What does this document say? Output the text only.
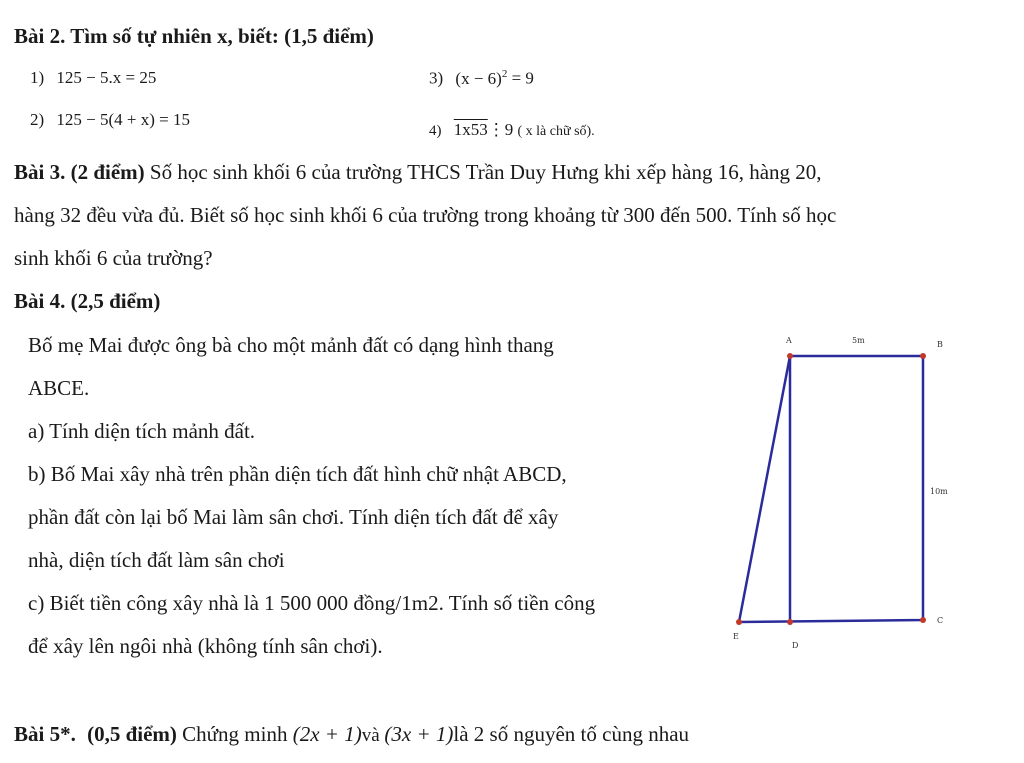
Bài 2. Tìm số tự nhiên x, biết: (1,5 điểm)
1) 125 − 5.x = 25
2) 125 − 5(4 + x) = 15
3) $(x - 6)^2 = 9$
4) 1x53⋮9 ( x là chữ số).
Bài 3. (2 điểm) Số học sinh khối 6 của trường THCS Trần Duy Hưng khi xếp hàng 16, hàng 20,
hàng 32 đều vừa đủ. Biết số học sinh khối 6 của trường trong khoảng từ 300 đến 500. Tính số học
sinh khối 6 của trường?
Bài 4. (2,5 điểm)
Bố mẹ Mai được ông bà cho một mảnh đất có dạng hình thang
ABCE.
a) Tính diện tích mảnh đất.
b) Bố Mai xây nhà trên phần diện tích đất hình chữ nhật ABCD,
phần đất còn lại bố Mai làm sân chơi. Tính diện tích đất để xây
nhà, diện tích đất làm sân chơi
c) Biết tiền công xây nhà là 1 500 000 đồng/1m2. Tính số tiền công
để xây lên ngôi nhà (không tính sân chơi).
A	B
5m
10m
C
D
E
Bài 5*. (0,5 điểm) Chứng minh (2x + 1)và (3x + 1)là 2 số nguyên tố cùng nhau
